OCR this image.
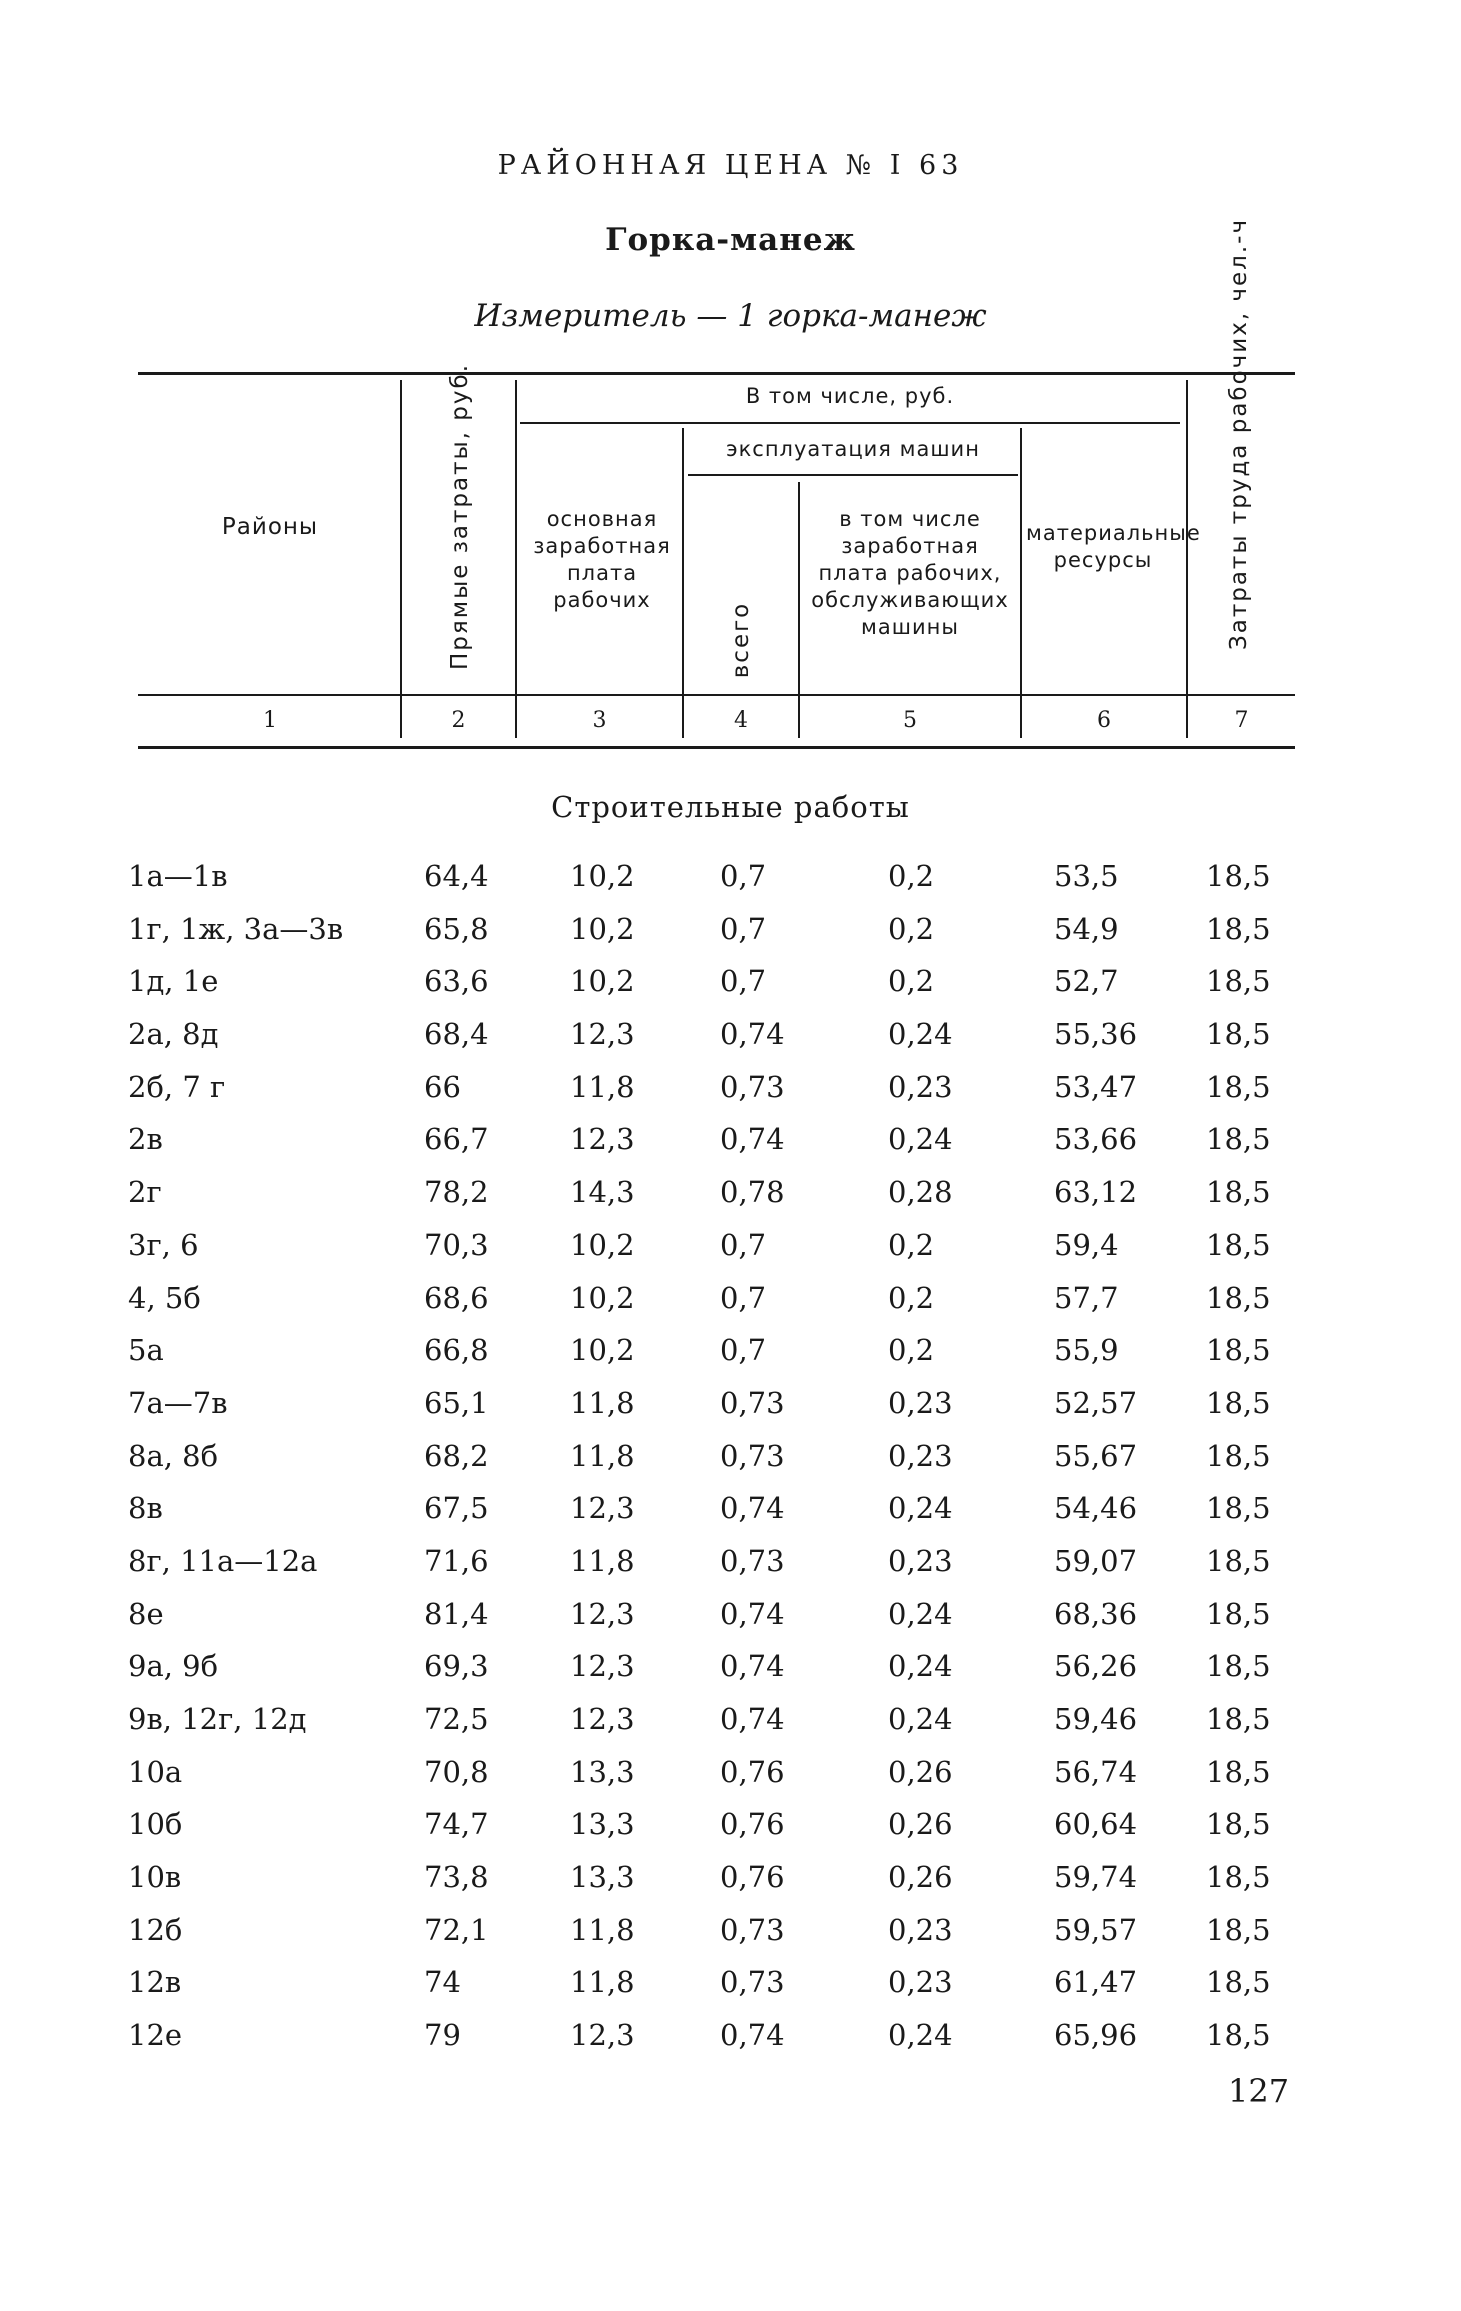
РАЙОННАЯ ЦЕНА № I 63
Горка-манеж
Измеритель — 1 горка-манеж
Районы	Прямые затраты, руб.	В том числе, руб.
основная заработная плата рабочих
эксплуатация машин
всего
в том числе заработная плата рабочих, обслуживающих машины
материальные ресурсы	Затраты труда рабочих, чел.-ч
1	2	3	4	5	6	7
Строительные работы
1а—1в	64,4	10,2	0,7	0,2	53,5	18,5
1г, 1ж, 3а—3в	65,8	10,2	0,7	0,2	54,9	18,5
1д, 1е	63,6	10,2	0,7	0,2	52,7	18,5
2а, 8д	68,4	12,3	0,74	0,24	55,36 18,5
2б, 7 г	66	11,8	0,73	0,23	53,47 18,5
2в	66,7	12,3	0,74	0,24	53,66 18,5
2г	78,2	14,3	0,78	0,28	63,12 18,5
3г, 6	70,3	10,2	0,7	0,2	59,4	18,5
4, 5б	68,6	10,2	0,7	0,2	57,7	18,5
5а	66,8	10,2	0,7	0,2	55,9	18,5
7а—7в	65,1	11,8	0,73	0,23	52,57 18,5
8а, 8б	68,2	11,8	0,73	0,23	55,67 18,5
8в	67,5	12,3	0,74	0,24	54,46 18,5
8г, 11а—12а	71,6	11,8	0,73	0,23	59,07 18,5
8е	81,4	12,3	0,74	0,24	68,36 18,5
9а, 9б	69,3	12,3	0,74	0,24	56,26 18,5
9в, 12г, 12д	72,5	12,3	0,74	0,24	59,46 18,5
10а	70,8	13,3	0,76	0,26	56,74 18,5
10б	74,7	13,3	0,76	0,26	60,64 18,5
10в	73,8	13,3	0,76	0,26	59,74 18,5
12б	72,1	11,8	0,73	0,23	59,57 18,5
12в	74	11,8	0,73	0,23	61,47 18,5
12е	79	12,3	0,74	0,24	65,96 18,5
127
